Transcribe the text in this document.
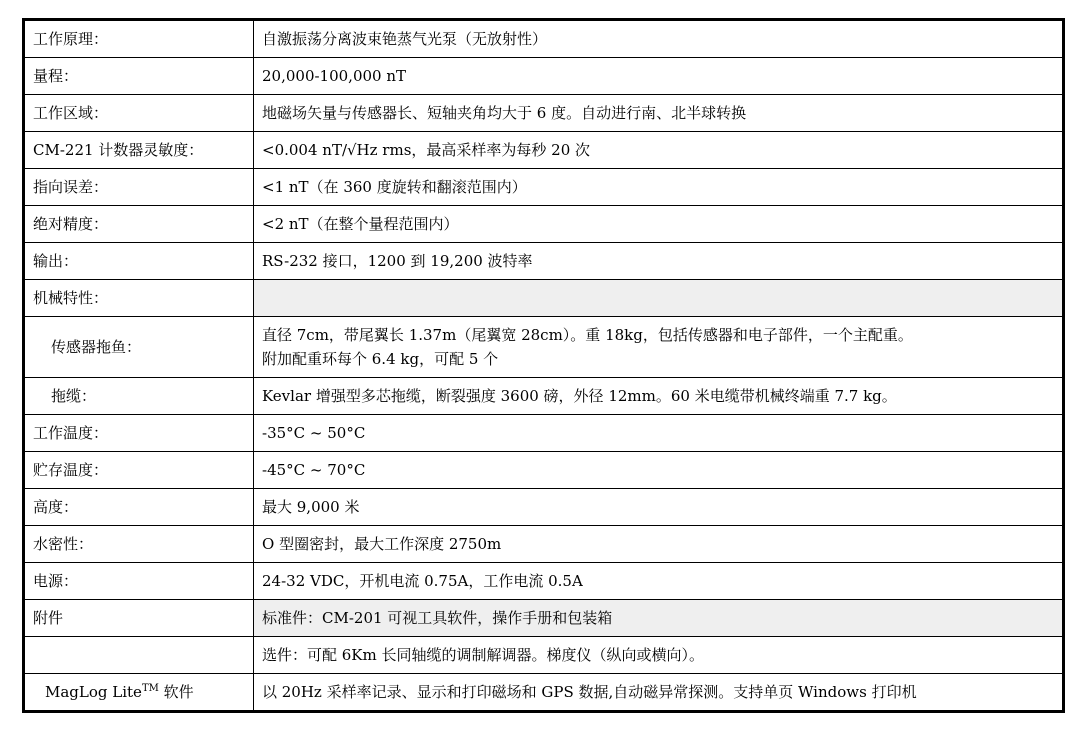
工作原理：	自激振荡分离波束铯蒸气光泵（无放射性）
量程：	20,000-100,000 nT
工作区域：	地磁场矢量与传感器长、短轴夹角均大于 6 度。自动进行南、北半球转换
CM-221 计数器灵敏度：	<0.004 nT/√Hz rms，最高采样率为每秒 20 次
指向误差：	<1 nT（在 360 度旋转和翻滚范围内）
绝对精度：	<2 nT（在整个量程范围内）
输出：	RS-232 接口，1200 到 19,200 波特率
机械特性：	
传感器拖鱼：	直径 7cm，带尾翼长 1.37m（尾翼宽 28cm）。重 18kg，包括传感器和电子部件，一个主配重。
附加配重环每个 6.4 kg，可配 5 个

拖缆：	Kevlar 增强型多芯拖缆，断裂强度 3600 磅，外径 12mm。60 米电缆带机械终端重 7.7 kg。
工作温度：	-35°C ~ 50°C
贮存温度：	-45°C ~ 70°C
高度：	最大 9,000 米
水密性：	O 型圈密封，最大工作深度 2750m
电源：	24-32 VDC，开机电流 0.75A，工作电流 0.5A
附件	标准件：CM-201 可视工具软件，操作手册和包装箱
	选件：可配 6Km 长同轴缆的调制解调器。梯度仪（纵向或横向）。
MagLog Lite™ 软件	以 20Hz 采样率记录、显示和打印磁场和 GPS 数据,自动磁异常探测。支持单页 Windows 打印机
